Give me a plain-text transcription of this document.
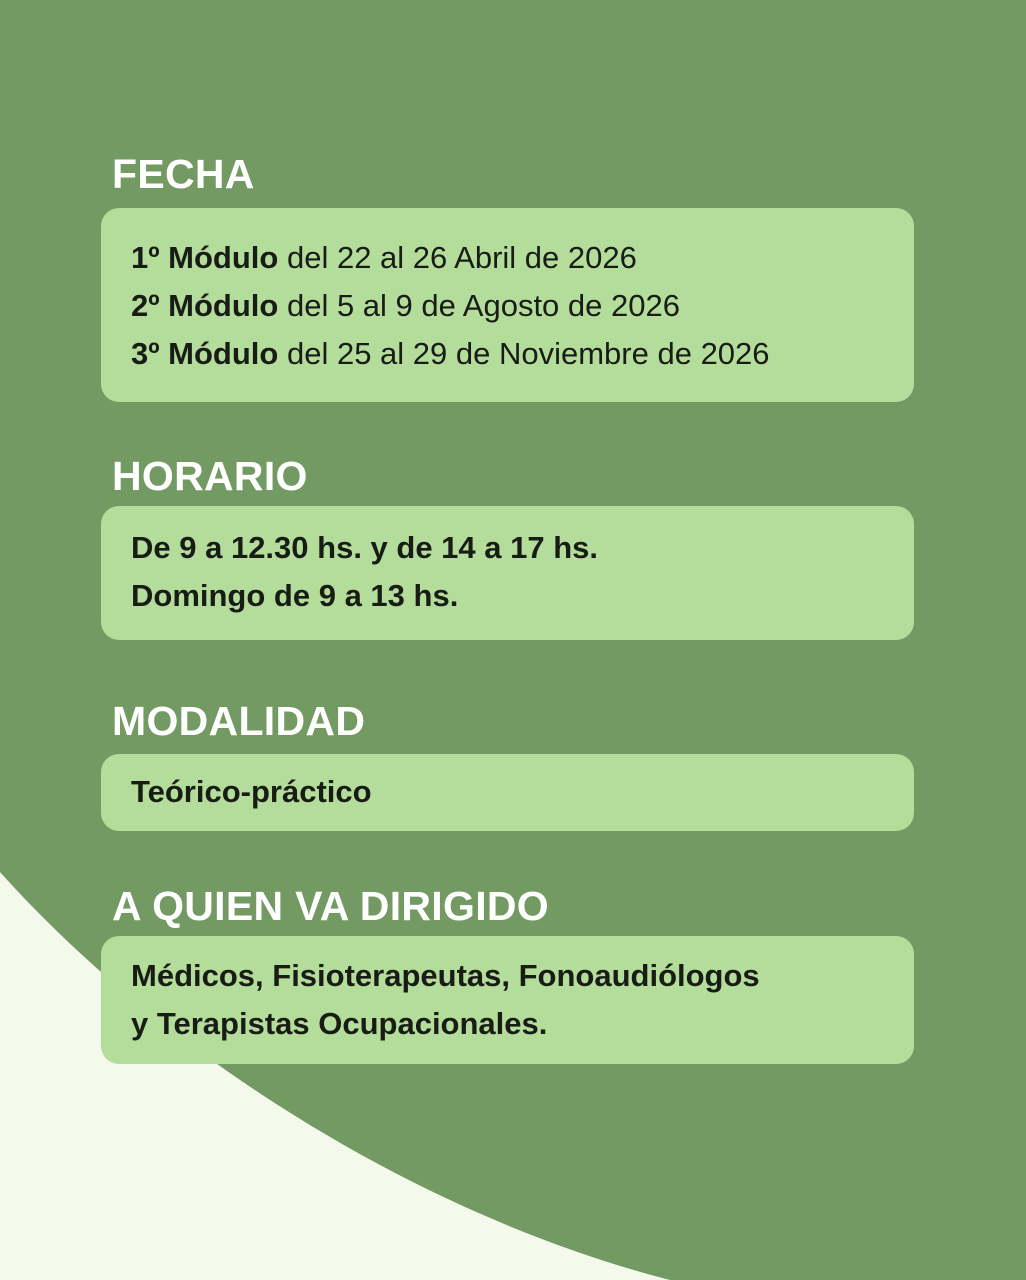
FECHA
1º Módulo del 22 al 26 Abril de 2026
2º Módulo del 5 al 9 de Agosto de 2026
3º Módulo del 25 al 29 de Noviembre de 2026
HORARIO
De 9 a 12.30 hs. y de 14 a 17 hs.
Domingo de 9 a 13 hs.
MODALIDAD
Teórico-práctico
A QUIEN VA DIRIGIDO
Médicos, Fisioterapeutas, Fonoaudiólogos
y Terapistas Ocupacionales.
